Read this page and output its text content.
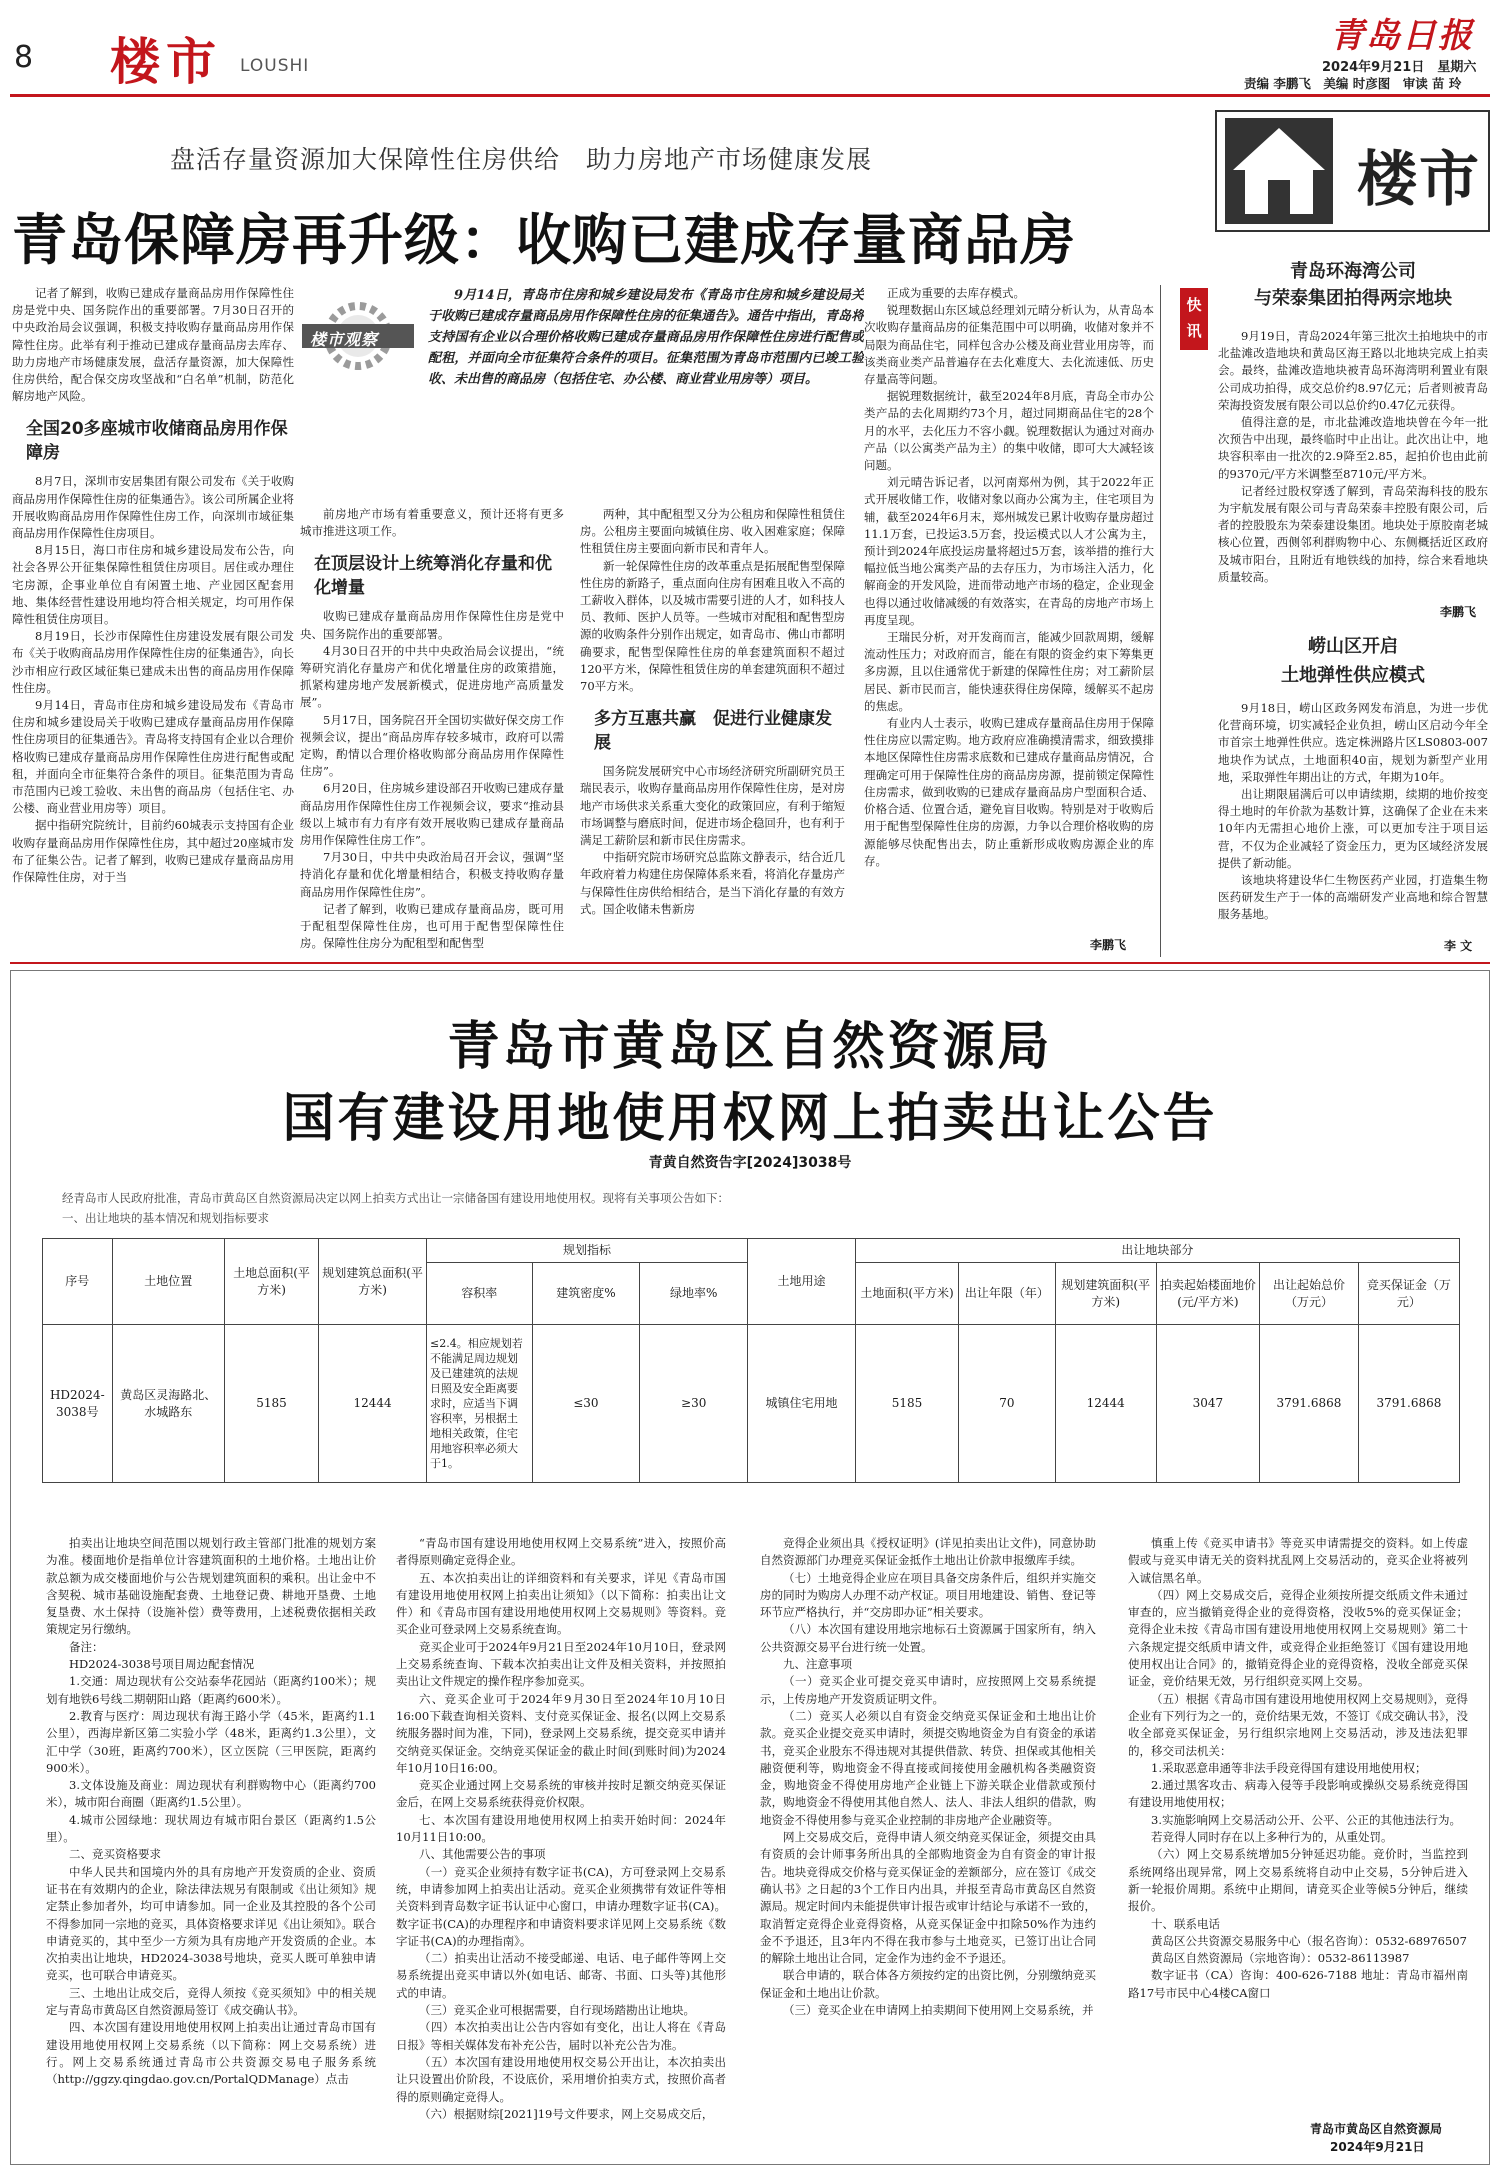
8 楼市 LOUSHI
青岛日报
2024年9月21日　星期六
责编 李鹏飞　美编 时彦图　审读 苗 玲
盘活存量资源加大保障性住房供给　助力房地产市场健康发展
青岛保障房再升级：收购已建成存量商品房
楼市观察
9月14日，青岛市住房和城乡建设局发布《青岛市住房和城乡建设局关于收购已建成存量商品房用作保障性住房的征集通告》。通告中指出，青岛将支持国有企业以合理价格收购已建成存量商品房用作保障性住房进行配售或配租，并面向全市征集符合条件的项目。征集范围为青岛市范围内已竣工验收、未出售的商品房（包括住宅、办公楼、商业营业用房等）项目。

记者了解到，收购已建成存量商品房用作保障性住房是党中央、国务院作出的重要部署。7月30日召开的中央政治局会议强调，积极支持收购存量商品房用作保障性住房。此举有利于推动已建成存量商品房去库存、助力房地产市场健康发展，盘活存量资源，加大保障性住房供给，配合保交房攻坚战和“白名单”机制，防范化解房地产风险。

全国20多座城市收储商品房用作保障房

8月7日，深圳市安居集团有限公司发布《关于收购商品房用作保障性住房的征集通告》。该公司所属企业将开展收购商品房用作保障性住房工作，向深圳市域征集商品房用作保障性住房项目。

8月15日，海口市住房和城乡建设局发布公告，向社会各界公开征集保障性租赁住房项目。居住或办理住宅房源，企事业单位自有闲置土地、产业园区配套用地、集体经营性建设用地均符合相关规定，均可用作保障性租赁住房项目。

8月19日，长沙市保障性住房建设发展有限公司发布《关于收购商品房用作保障性住房的征集通告》，向长沙市相应行政区域征集已建成未出售的商品房用作保障性住房。

9月14日，青岛市住房和城乡建设局发布《青岛市住房和城乡建设局关于收购已建成存量商品房用作保障性住房项目的征集通告》。青岛将支持国有企业以合理价格收购已建成存量商品房用作保障性住房进行配售或配租，并面向全市征集符合条件的项目。征集范围为青岛市范围内已竣工验收、未出售的商品房（包括住宅、办公楼、商业营业用房等）项目。

据中指研究院统计，目前约60城表示支持国有企业收购存量商品房用作保障性住房，其中超过20座城市发布了征集公告。记者了解到，收购已建成存量商品房用作保障性住房，对于当

前房地产市场有着重要意义，预计还将有更多城市推进这项工作。

在顶层设计上统筹消化存量和优化增量

收购已建成存量商品房用作保障性住房是党中央、国务院作出的重要部署。

4月30日召开的中共中央政治局会议提出，“统筹研究消化存量房产和优化增量住房的政策措施，抓紧构建房地产发展新模式，促进房地产高质量发展”。

5月17日，国务院召开全国切实做好保交房工作视频会议，提出“商品房库存较多城市，政府可以需定购，酌情以合理价格收购部分商品房用作保障性住房”。

6月20日，住房城乡建设部召开收购已建成存量商品房用作保障性住房工作视频会议，要求“推动县级以上城市有力有序有效开展收购已建成存量商品房用作保障性住房工作”。

7月30日，中共中央政治局召开会议，强调“坚持消化存量和优化增量相结合，积极支持收购存量商品房用作保障性住房”。

记者了解到，收购已建成存量商品房，既可用于配租型保障性住房，也可用于配售型保障性住房。保障性住房分为配租型和配售型

两种，其中配租型又分为公租房和保障性租赁住房。公租房主要面向城镇住房、收入困难家庭；保障性租赁住房主要面向新市民和青年人。

新一轮保障性住房的改革重点是拓展配售型保障性住房的新路子，重点面向住房有困难且收入不高的工薪收入群体，以及城市需要引进的人才，如科技人员、教师、医护人员等。一些城市对配租和配售型房源的收购条件分别作出规定，如青岛市、佛山市都明确要求，配售型保障性住房的单套建筑面积不超过120平方米，保障性租赁住房的单套建筑面积不超过70平方米。

多方互惠共赢　促进行业健康发展

国务院发展研究中心市场经济研究所副研究员王瑞民表示，收购存量商品房用作保障性住房，是对房地产市场供求关系重大变化的政策回应，有利于缩短市场调整与磨底时间，促进市场企稳回升，也有利于满足工薪阶层和新市民住房需求。

中指研究院市场研究总监陈文静表示，结合近几年政府着力构建住房保障体系来看，将消化存量房产与保障性住房供给相结合，是当下消化存量的有效方式。国企收储未售新房

正成为重要的去库存模式。

锐理数据山东区域总经理刘元晴分析认为，从青岛本次收购存量商品房的征集范围中可以明确，收储对象并不局限为商品住宅，同样包含办公楼及商业营业用房等，而该类商业类产品普遍存在去化难度大、去化流速低、历史存量高等问题。

据锐理数据统计，截至2024年8月底，青岛全市办公类产品的去化周期约73个月，超过同期商品住宅的28个月的水平，去化压力不容小觑。锐理数据认为通过对商办产品（以公寓类产品为主）的集中收储，即可大大减轻该问题。

刘元晴告诉记者，以河南郑州为例，其于2022年正式开展收储工作，收储对象以商办公寓为主，住宅项目为辅，截至2024年6月末，郑州城发已累计收购存量房超过11.1万套，已投运3.5万套，投运模式以人才公寓为主，预计到2024年底投运房量将超过5万套，该举措的推行大幅拉低当地公寓类产品的去存压力，为市场注入活力，化解商金的开发风险，进而带动地产市场的稳定，企业现金也得以通过收储减缓的有效落实，在青岛的房地产市场上再度呈现。

王瑞民分析，对开发商而言，能减少回款周期，缓解流动性压力；对政府而言，能在有限的资金约束下筹集更多房源，且以住通常优于新建的保障性住房；对工薪阶层居民、新市民而言，能快速获得住房保障，缓解买不起房的焦虑。

有业内人士表示，收购已建成存量商品住房用于保障性住房应以需定购。地方政府应准确摸清需求，细致摸排本地区保障性住房需求底数和已建成存量商品房情况，合理确定可用于保障性住房的商品房房源，提前锁定保障性住房需求，做到收购的已建成存量商品房户型面积合适、价格合适、位置合适，避免盲目收购。特别是对于收购后用于配售型保障性住房的房源，力争以合理价格收购的房源能够尽快配售出去，防止重新形成收购房源企业的库存。

李鹏飞
楼市
快讯
青岛环海湾公司
与荣泰集团拍得两宗地块

9月19日，青岛2024年第三批次土拍地块中的市北盐滩改造地块和黄岛区海王路以北地块完成上拍卖会。最终，盐滩改造地块被青岛环海湾明利置业有限公司成功拍得，成交总价约8.97亿元；后者则被青岛荣海投资发展有限公司以总价约0.47亿元获得。

值得注意的是，市北盐滩改造地块曾在今年一批次预告中出现，最终临时中止出让。此次出让中，地块容积率由一批次的2.9降至2.85，起拍价也由此前的9370元/平方米调整至8710元/平方米。

记者经过股权穿透了解到，青岛荣海科技的股东为宇航发展有限公司与青岛荣泰丰控股有限公司，后者的控股股东为荣泰建设集团。地块处于原胶南老城核心位置，西侧邻利群购物中心、东侧概括近区政府及城市阳台，且附近有地铁线的加持，综合来看地块质量较高。

李鹏飞
崂山区开启
土地弹性供应模式

9月18日，崂山区政务网发布消息，为进一步优化营商环境，切实减轻企业负担，崂山区启动今年全市首宗土地弹性供应。选定株洲路片区LS0803-007地块作为试点，土地面积40亩，规划为新型产业用地，采取弹性年期出让的方式，年期为10年。

出让期限届满后可以申请续期，续期的地价按变得土地时的年价款为基数计算，这确保了企业在未来10年内无需担心地价上涨，可以更加专注于项目运营，不仅为企业减轻了资金压力，更为区域经济发展提供了新动能。

该地块将建设华仁生物医药产业园，打造集生物医药研发生产于一体的高端研发产业高地和综合智慧服务基地。

李 文
青岛市黄岛区自然资源局
国有建设用地使用权网上拍卖出让公告
青黄自然资告字[2024]3038号
经青岛市人民政府批准，青岛市黄岛区自然资源局决定以网上拍卖方式出让一宗储备国有建设用地使用权。现将有关事项公告如下：
一、出让地块的基本情况和规划指标要求
序号	土地位置	土地总面积(平方米)	规划建筑总面积(平方米)	规划指标			土地用途	出让地块部分					
				容积率	建筑密度%	绿地率%		土地面积(平方米)	出让年限（年）	规划建筑面积(平方米)	拍卖起始楼面地价(元/平方米)	出让起始总价（万元）	竞买保证金（万元）
HD2024-3038号	黄岛区灵海路北、水城路东	5185	12444	≤2.4。相应规划若不能满足周边规划及已建建筑的法规日照及安全距离要求时，应适当下调容积率，另根据土地相关政策，住宅用地容积率必须大于1。	≤30	≥30	城镇住宅用地	5185	70	12444	3047	3791.6868	3791.6868

拍卖出让地块空间范围以规划行政主管部门批准的规划方案为准。楼面地价是指单位计容建筑面积的土地价格。土地出让价款总额为成交楼面地价与公告规划建筑面积的乘积。出让金中不含契税、城市基础设施配套费、土地登记费、耕地开垦费、土地复垦费、水土保持（设施补偿）费等费用，上述税费依据相关政策规定另行缴纳。

备注：

HD2024-3038号项目周边配套情况

1.交通：周边现状有公交站泰华花园站（距离约100米）；规划有地铁6号线二期朝阳山路（距离约600米）。

2.教育与医疗：周边现状有海王路小学（45米，距离约1.1公里），西海岸新区第二实验小学（48米，距离约1.3公里），文汇中学（30班，距离约700米），区立医院（三甲医院，距离约900米）。

3.文体设施及商业：周边现状有利群购物中心（距离约700米），城市阳台商圈（距离约1.5公里）。

4.城市公园绿地：现状周边有城市阳台景区（距离约1.5公里）。

二、竞买资格要求

中华人民共和国境内外的具有房地产开发资质的企业、资质证书在有效期内的企业，除法律法规另有限制或《出让须知》规定禁止参加者外，均可申请参加。同一企业及其控股的各个公司不得参加同一宗地的竞买，具体资格要求详见《出让须知》。联合申请竞买的，其中至少一方须为具有房地产开发资质的企业。本次拍卖出让地块，HD2024-3038号地块，竞买人既可单独申请竞买，也可联合申请竞买。

三、土地出让成交后，竞得人须按《竞买须知》中的相关规定与青岛市黄岛区自然资源局签订《成交确认书》。

四、本次国有建设用地使用权网上拍卖出让通过青岛市国有建设用地使用权网上交易系统（以下简称：网上交易系统）进行。网上交易系统通过青岛市公共资源交易电子服务系统（http://ggzy.qingdao.gov.cn/PortalQDManage）点击

“青岛市国有建设用地使用权网上交易系统”进入，按照价高者得原则确定竞得企业。

五、本次拍卖出让的详细资料和有关要求，详见《青岛市国有建设用地使用权网上拍卖出让须知》（以下简称：拍卖出让文件）和《青岛市国有建设用地使用权网上交易规则》等资料。竞买企业可登录网上交易系统查询。

竞买企业可于2024年9月21日至2024年10月10日，登录网上交易系统查询、下载本次拍卖出让文件及相关资料，并按照拍卖出让文件规定的操作程序参加竞买。

六、竞买企业可于2024年9月30日至2024年10月10日16:00下载查询相关资料、支付竞买保证金、报名(以网上交易系统服务器时间为准，下同)，登录网上交易系统，提交竞买申请并交纳竞买保证金。交纳竞买保证金的截止时间(到账时间)为2024年10月10日16:00。

竞买企业通过网上交易系统的审核并按时足额交纳竞买保证金后，在网上交易系统获得竞价权限。

七、本次国有建设用地使用权网上拍卖开始时间：2024年10月11日10:00。

八、其他需要公告的事项

（一）竞买企业须持有数字证书(CA)，方可登录网上交易系统，申请参加网上拍卖出让活动。竞买企业须携带有效证件等相关资料到青岛数字证书认证中心窗口，申请办理数字证书(CA)。数字证书(CA)的办理程序和申请资料要求详见网上交易系统《数字证书(CA)的办理指南》。

（二）拍卖出让活动不接受邮递、电话、电子邮件等网上交易系统提出竞买申请以外(如电话、邮寄、书面、口头等)其他形式的申请。

（三）竞买企业可根据需要，自行现场踏勘出让地块。

（四）本次拍卖出让公告内容如有变化，出让人将在《青岛日报》等相关媒体发布补充公告，届时以补充公告为准。

（五）本次国有建设用地使用权交易公开出让，本次拍卖出让只设置出价阶段，不设底价，采用增价拍卖方式，按照价高者得的原则确定竞得人。

（六）根据财综[2021]19号文件要求，网上交易成交后，

竞得企业须出具《授权证明》(详见拍卖出让文件)，同意协助自然资源部门办理竞买保证金抵作土地出让价款申报缴库手续。

（七）土地竞得企业应在项目具备交房条件后，组织并实施交房的同时为购房人办理不动产权证。项目用地建设、销售、登记等环节应严格执行，并“交房即办证”相关要求。

（八）本次国有建设用地宗地标石土资源属于国家所有，纳入公共资源交易平台进行统一处置。

九、注意事项

（一）竞买企业可提交竞买申请时，应按照网上交易系统提示，上传房地产开发资质证明文件。

（二）竞买人必须以自有资金交纳竞买保证金和土地出让价款。竞买企业提交竞买申请时，须提交购地资金为自有资金的承诺书，竞买企业股东不得违规对其提供借款、转贷、担保或其他相关融资便利等，购地资金不得直接或间接使用金融机构各类融资资金，购地资金不得使用房地产企业链上下游关联企业借款或预付款，购地资金不得使用其他自然人、法人、非法人组织的借款，购地资金不得使用参与竞买企业控制的非房地产企业融资等。

网上交易成交后，竞得申请人须交纳竞买保证金，须提交由具有资质的会计师事务所出具的全部购地资金为自有资金的审计报告。地块竞得成交价格与竞买保证金的差额部分，应在签订《成交确认书》之日起的3个工作日内出具，并报至青岛市黄岛区自然资源局。规定时间内未能提供审计报告或审计结论与承诺不一致的，取消暂定竞得企业竞得资格，从竞买保证金中扣除50%作为违约金不予退还，且3年内不得在我市参与土地竞买，已签订出让合同的解除土地出让合同，定金作为违约金不予退还。

联合申请的，联合体各方须按约定的出资比例，分别缴纳竞买保证金和土地出让价款。

（三）竞买企业在申请网上拍卖期间下使用网上交易系统，并

慎重上传《竞买申请书》等竞买申请需提交的资料。如上传虚假或与竞买申请无关的资料扰乱网上交易活动的，竞买企业将被列入诚信黑名单。

（四）网上交易成交后，竞得企业须按所提交纸质文件未通过审查的，应当撤销竞得企业的竞得资格，没收5%的竞买保证金；竞得企业未按《青岛市国有建设用地使用权网上交易规则》第二十六条规定提交纸质申请文件，或竞得企业拒绝签订《国有建设用地使用权出让合同》的，撤销竞得企业的竞得资格，没收全部竞买保证金，竞价结果无效，另行组织竞买网上交易。

（五）根据《青岛市国有建设用地使用权网上交易规则》，竞得企业有下列行为之一的，竞价结果无效，不签订《成交确认书》，没收全部竞买保证金，另行组织宗地网上交易活动，涉及违法犯罪的，移交司法机关：

1.采取恶意串通等非法手段竞得国有建设用地使用权；

2.通过黑客攻击、病毒入侵等手段影响或操纵交易系统竞得国有建设用地使用权；

3.实施影响网上交易活动公开、公平、公正的其他违法行为。

若竞得人同时存在以上多种行为的，从重处罚。

（六）网上交易系统增加5分钟延迟功能。竞价时，当监控到系统网络出现异常，网上交易系统将自动中止交易，5分钟后进入新一轮报价周期。系统中止期间，请竞买企业等候5分钟后，继续报价。

十、联系电话

黄岛区公共资源交易服务中心（报名咨询）：0532-68976507

黄岛区自然资源局（宗地咨询）：0532-86113987

数字证书（CA）咨询：400-626-7188 地址：青岛市福州南路17号市民中心4楼CA窗口

青岛市黄岛区自然资源局
2024年9月21日
